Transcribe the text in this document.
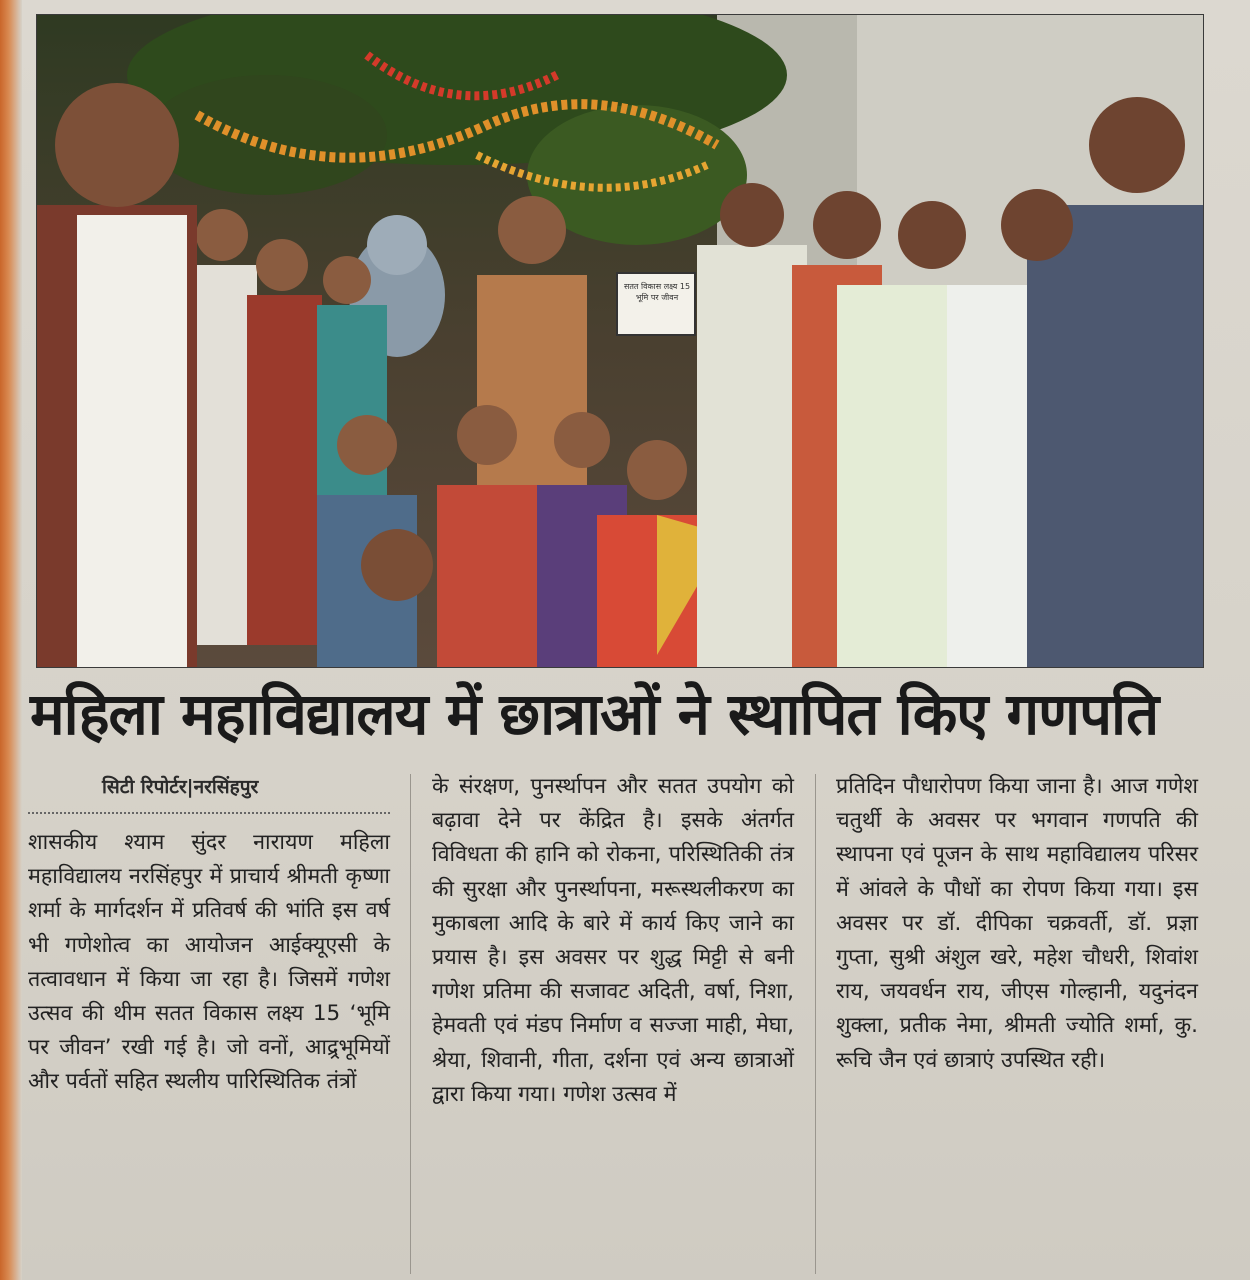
सतत विकास लक्ष्य 15 भूमि पर जीवन
महिला महाविद्यालय में छात्राओं ने स्थापित किए गणपति
सिटी रिपोर्टर|नरसिंहपुर

शासकीय श्याम सुंदर नारायण महिला महाविद्यालय नरसिंहपुर में प्राचार्य श्रीमती कृष्णा शर्मा के मार्गदर्शन में प्रतिवर्ष की भांति इस वर्ष भी गणेशोत्व का आयोजन आईक्यूएसी के तत्वावधान में किया जा रहा है। जिसमें गणेश उत्सव की थीम सतत विकास लक्ष्य 15 ‘भूमि पर जीवन’ रखी गई है। जो वनों, आद्र्रभूमियों और पर्वतों सहित स्थलीय पारिस्थितिक तंत्रों

के संरक्षण, पुनर्स्थापन और सतत उपयोग को बढ़ावा देने पर केंद्रित है। इसके अंतर्गत विविधता की हानि को रोकना, परिस्थितिकी तंत्र की सुरक्षा और पुनर्स्थापना, मरूस्थलीकरण का मुकाबला आदि के बारे में कार्य किए जाने का प्रयास है। इस अवसर पर शुद्ध मिट्टी से बनी गणेश प्रतिमा की सजावट अदिती, वर्षा, निशा, हेमवती एवं मंडप निर्माण व सज्जा माही, मेघा, श्रेया, शिवानी, गीता, दर्शना एवं अन्य छात्राओं द्वारा किया गया। गणेश उत्सव में

प्रतिदिन पौधारोपण किया जाना है। आज गणेश चतुर्थी के अवसर पर भगवान गणपति की स्थापना एवं पूजन के साथ महाविद्यालय परिसर में आंवले के पौधों का रोपण किया गया। इस अवसर पर डॉ. दीपिका चक्रवर्ती, डॉ. प्रज्ञा गुप्ता, सुश्री अंशुल खरे, महेश चौधरी, शिवांश राय, जयवर्धन राय, जीएस गोल्हानी, यदुनंदन शुक्ला, प्रतीक नेमा, श्रीमती ज्योति शर्मा, कु. रूचि जैन एवं छात्राएं उपस्थित रही।
